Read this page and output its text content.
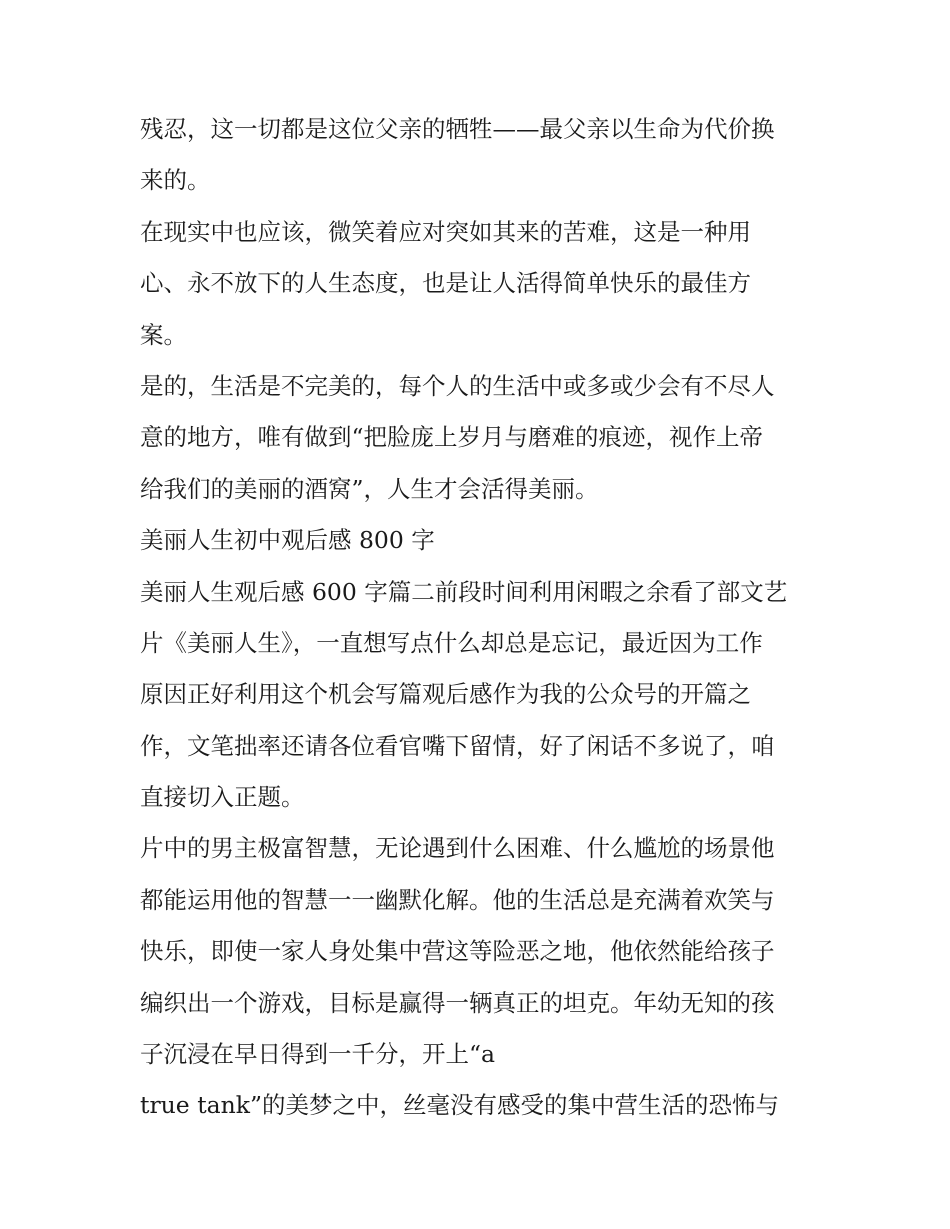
残忍，这一切都是这位父亲的牺牲——最父亲以生命为代价换

来的。

在现实中也应该，微笑着应对突如其来的苦难，这是一种用

心、永不放下的人生态度，也是让人活得简单快乐的最佳方

案。

是的，生活是不完美的，每个人的生活中或多或少会有不尽人

意的地方，唯有做到“把脸庞上岁月与磨难的痕迹，视作上帝

给我们的美丽的酒窝”，人生才会活得美丽。

美丽人生初中观后感 800 字

美丽人生观后感 600 字篇二前段时间利用闲暇之余看了部文艺

片《美丽人生》，一直想写点什么却总是忘记，最近因为工作

原因正好利用这个机会写篇观后感作为我的公众号的开篇之

作，文笔拙率还请各位看官嘴下留情，好了闲话不多说了，咱

直接切入正题。

片中的男主极富智慧，无论遇到什么困难、什么尴尬的场景他

都能运用他的智慧一一幽默化解。他的生活总是充满着欢笑与

快乐，即使一家人身处集中营这等险恶之地，他依然能给孩子

编织出一个游戏，目标是赢得一辆真正的坦克。年幼无知的孩

子沉浸在早日得到一千分，开上“a

true tank”的美梦之中，丝毫没有感受的集中营生活的恐怖与
